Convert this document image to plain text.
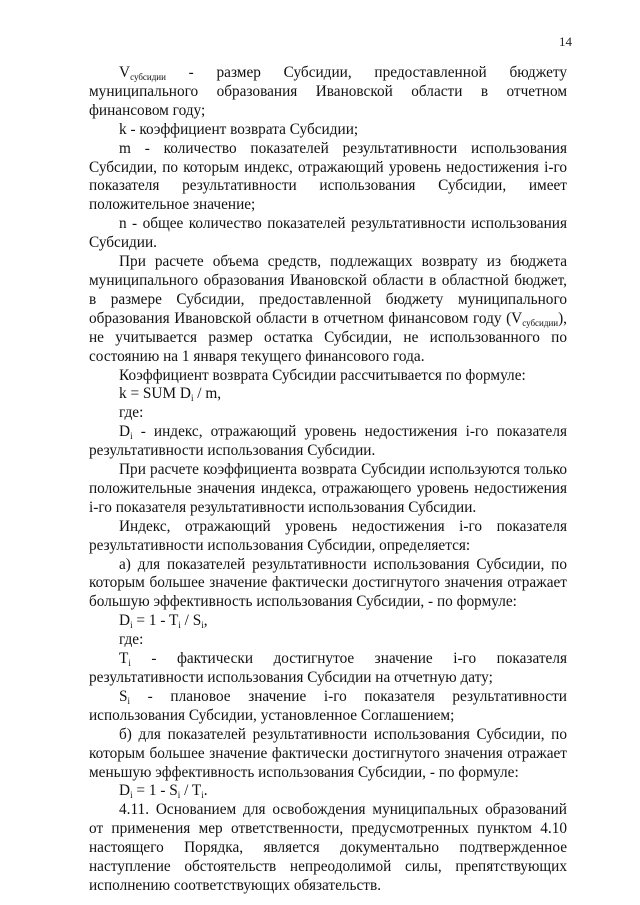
14

$V_{субсидии}$ - размер Субсидии, предоставленной бюджету муниципального образования Ивановской области в отчетном финансовом году;

k - коэффициент возврата Субсидии;

m - количество показателей результативности использования Субсидии, по которым индекс, отражающий уровень недостижения i-го показателя результативности использования Субсидии, имеет положительное значение;

n - общее количество показателей результативности использования Субсидии.

При расчете объема средств, подлежащих возврату из бюджета муниципального образования Ивановской области в областной бюджет, в размере Субсидии, предоставленной бюджету муниципального образования Ивановской области в отчетном финансовом году $(V_{субсидии})$, не учитывается размер остатка Субсидии, не использованного по состоянию на 1 января текущего финансового года.

Коэффициент возврата Субсидии рассчитывается по формуле:

k = SUM $D_i$ / m,

где:

$D_i$ - индекс, отражающий уровень недостижения i-го показателя результативности использования Субсидии.

При расчете коэффициента возврата Субсидии используются только положительные значения индекса, отражающего уровень недостижения i-го показателя результативности использования Субсидии.

Индекс, отражающий уровень недостижения i-го показателя результативности использования Субсидии, определяется:

а) для показателей результативности использования Субсидии, по которым большее значение фактически достигнутого значения отражает большую эффективность использования Субсидии, - по формуле:

$D_i = 1 - T_i / S_i$,

где:

$T_i$ - фактически достигнутое значение i-го показателя результативности использования Субсидии на отчетную дату;

$S_i$ - плановое значение i-го показателя результативности использования Субсидии, установленное Соглашением;

б) для показателей результативности использования Субсидии, по которым большее значение фактически достигнутого значения отражает меньшую эффективность использования Субсидии, - по формуле:

$D_i = 1 - S_i / T_i$.

4.11. Основанием для освобождения муниципальных образований от применения мер ответственности, предусмотренных пунктом 4.10 настоящего Порядка, является документально подтвержденное наступление обстоятельств непреодолимой силы, препятствующих исполнению соответствующих обязательств.
